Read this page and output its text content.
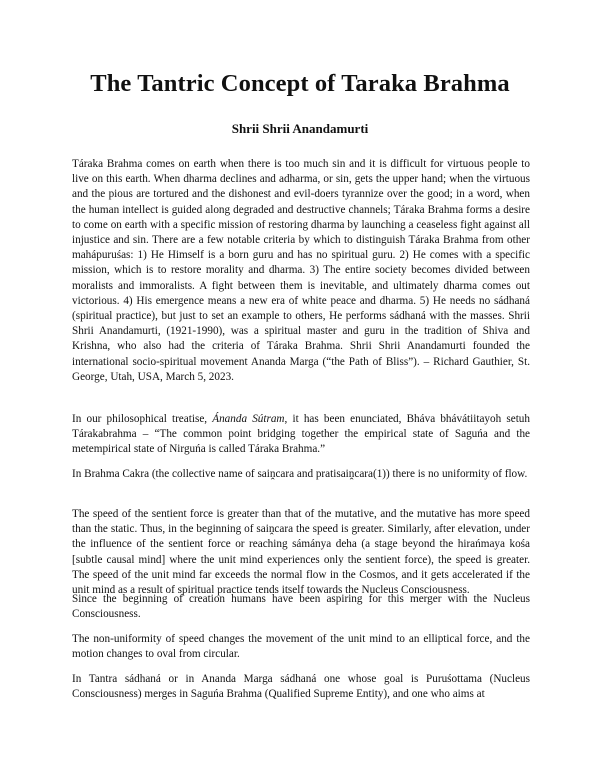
The Tantric Concept of Taraka Brahma
Shrii Shrii Anandamurti

Táraka Brahma comes on earth when there is too much sin and it is difficult for virtuous people to live on this earth. When dharma declines and adharma, or sin, gets the upper hand; when the virtuous and the pious are tortured and the dishonest and evil-doers tyrannize over the good; in a word, when the human intellect is guided along degraded and destructive channels; Táraka Brahma forms a desire to come on earth with a specific mission of restoring dharma by launching a ceaseless fight against all injustice and sin. There are a few notable criteria by which to distinguish Táraka Brahma from other mahápuruśas: 1) He Himself is a born guru and has no spiritual guru. 2) He comes with a specific mission, which is to restore morality and dharma. 3) The entire society becomes divided between moralists and immoralists. A fight between them is inevitable, and ultimately dharma comes out victorious. 4) His emergence means a new era of white peace and dharma. 5) He needs no sádhaná (spiritual practice), but just to set an example to others, He performs sádhaná with the masses. Shrii Shrii Anandamurti, (1921-1990), was a spiritual master and guru in the tradition of Shiva and Krishna, who also had the criteria of Táraka Brahma. Shrii Shrii Anandamurti founded the international socio-spiritual movement Ananda Marga (“the Path of Bliss”). – Richard Gauthier, St. George, Utah, USA, March 5, 2023.

In our philosophical treatise, Ánanda Sútram, it has been enunciated, Bháva bhávátiitayoh setuh Tárakabrahma – “The common point bridging together the empirical state of Saguńa and the metempirical state of Nirguńa is called Táraka Brahma.”

In Brahma Cakra (the collective name of saiṋcara and pratisaiṋcara(1)) there is no uniformity of flow.

The speed of the sentient force is greater than that of the mutative, and the mutative has more speed than the static. Thus, in the beginning of saiṋcara the speed is greater. Similarly, after elevation, under the influence of the sentient force or reaching sámánya deha (a stage beyond the hirańmaya kośa [subtle causal mind] where the unit mind experiences only the sentient force), the speed is greater. The speed of the unit mind far exceeds the normal flow in the Cosmos, and it gets accelerated if the unit mind as a result of spiritual practice tends itself towards the Nucleus Consciousness.

Since the beginning of creation humans have been aspiring for this merger with the Nucleus Consciousness.

The non-uniformity of speed changes the movement of the unit mind to an elliptical force, and the motion changes to oval from circular.

In Tantra sádhaná or in Ananda Marga sádhaná one whose goal is Puruśottama (Nucleus Consciousness) merges in Saguńa Brahma (Qualified Supreme Entity), and one who aims at
